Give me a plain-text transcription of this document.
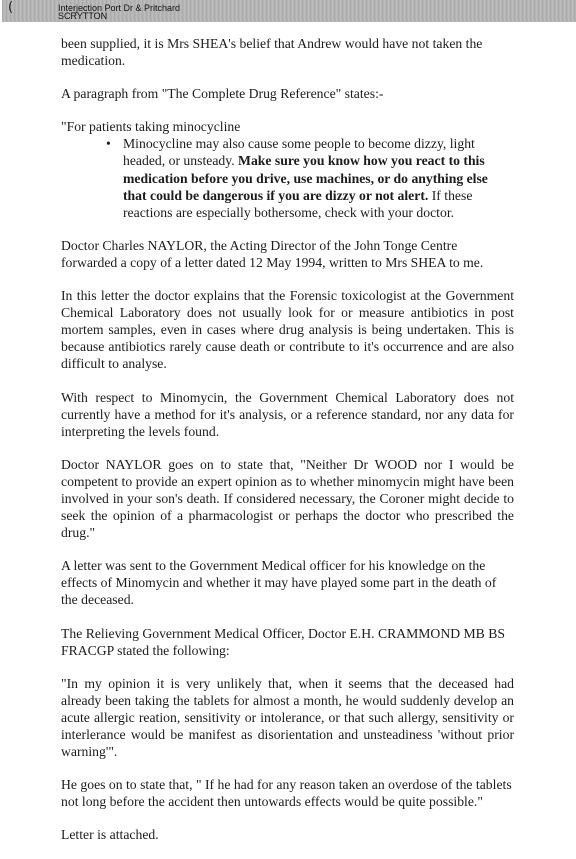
(	Interjection Port Dr & Pritchard
SCRYTTON

been supplied, it is Mrs SHEA's belief that Andrew would have not taken the medication.

A paragraph from "The Complete Drug Reference" states:-

"For patients taking minocycline

• Minocycline may also cause some people to become dizzy, light headed, or unsteady. Make sure you know how you react to this medication before you drive, use machines, or do anything else that could be dangerous if you are dizzy or not alert. If these reactions are especially bothersome, check with your doctor.

Doctor Charles NAYLOR, the Acting Director of the John Tonge Centre forwarded a copy of a letter dated 12 May 1994, written to Mrs SHEA to me.

In this letter the doctor explains that the Forensic toxicologist at the Government Chemical Laboratory does not usually look for or measure antibiotics in post mortem samples, even in cases where drug analysis is being undertaken. This is because antibiotics rarely cause death or contribute to it's occurrence and are also difficult to analyse.

With respect to Minomycin, the Government Chemical Laboratory does not currently have a method for it's analysis, or a reference standard, nor any data for interpreting the levels found.

Doctor NAYLOR goes on to state that, "Neither Dr WOOD nor I would be competent to provide an expert opinion as to whether minomycin might have been involved in your son's death. If considered necessary, the Coroner might decide to seek the opinion of a pharmacologist or perhaps the doctor who prescribed the drug."

A letter was sent to the Government Medical officer for his knowledge on the effects of Minomycin and whether it may have played some part in the death of the deceased.

The Relieving Government Medical Officer, Doctor E.H. CRAMMOND MB BS FRACGP stated the following:

"In my opinion it is very unlikely that, when it seems that the deceased had already been taking the tablets for almost a month, he would suddenly develop an acute allergic reation, sensitivity or intolerance, or that such allergy, sensitivity or interlerance would be manifest as disorientation and unsteadiness 'without prior warning'".

He goes on to state that, " If he had for any reason taken an overdose of the tablets not long before the accident then untowards effects would be quite possible."

Letter is attached.
